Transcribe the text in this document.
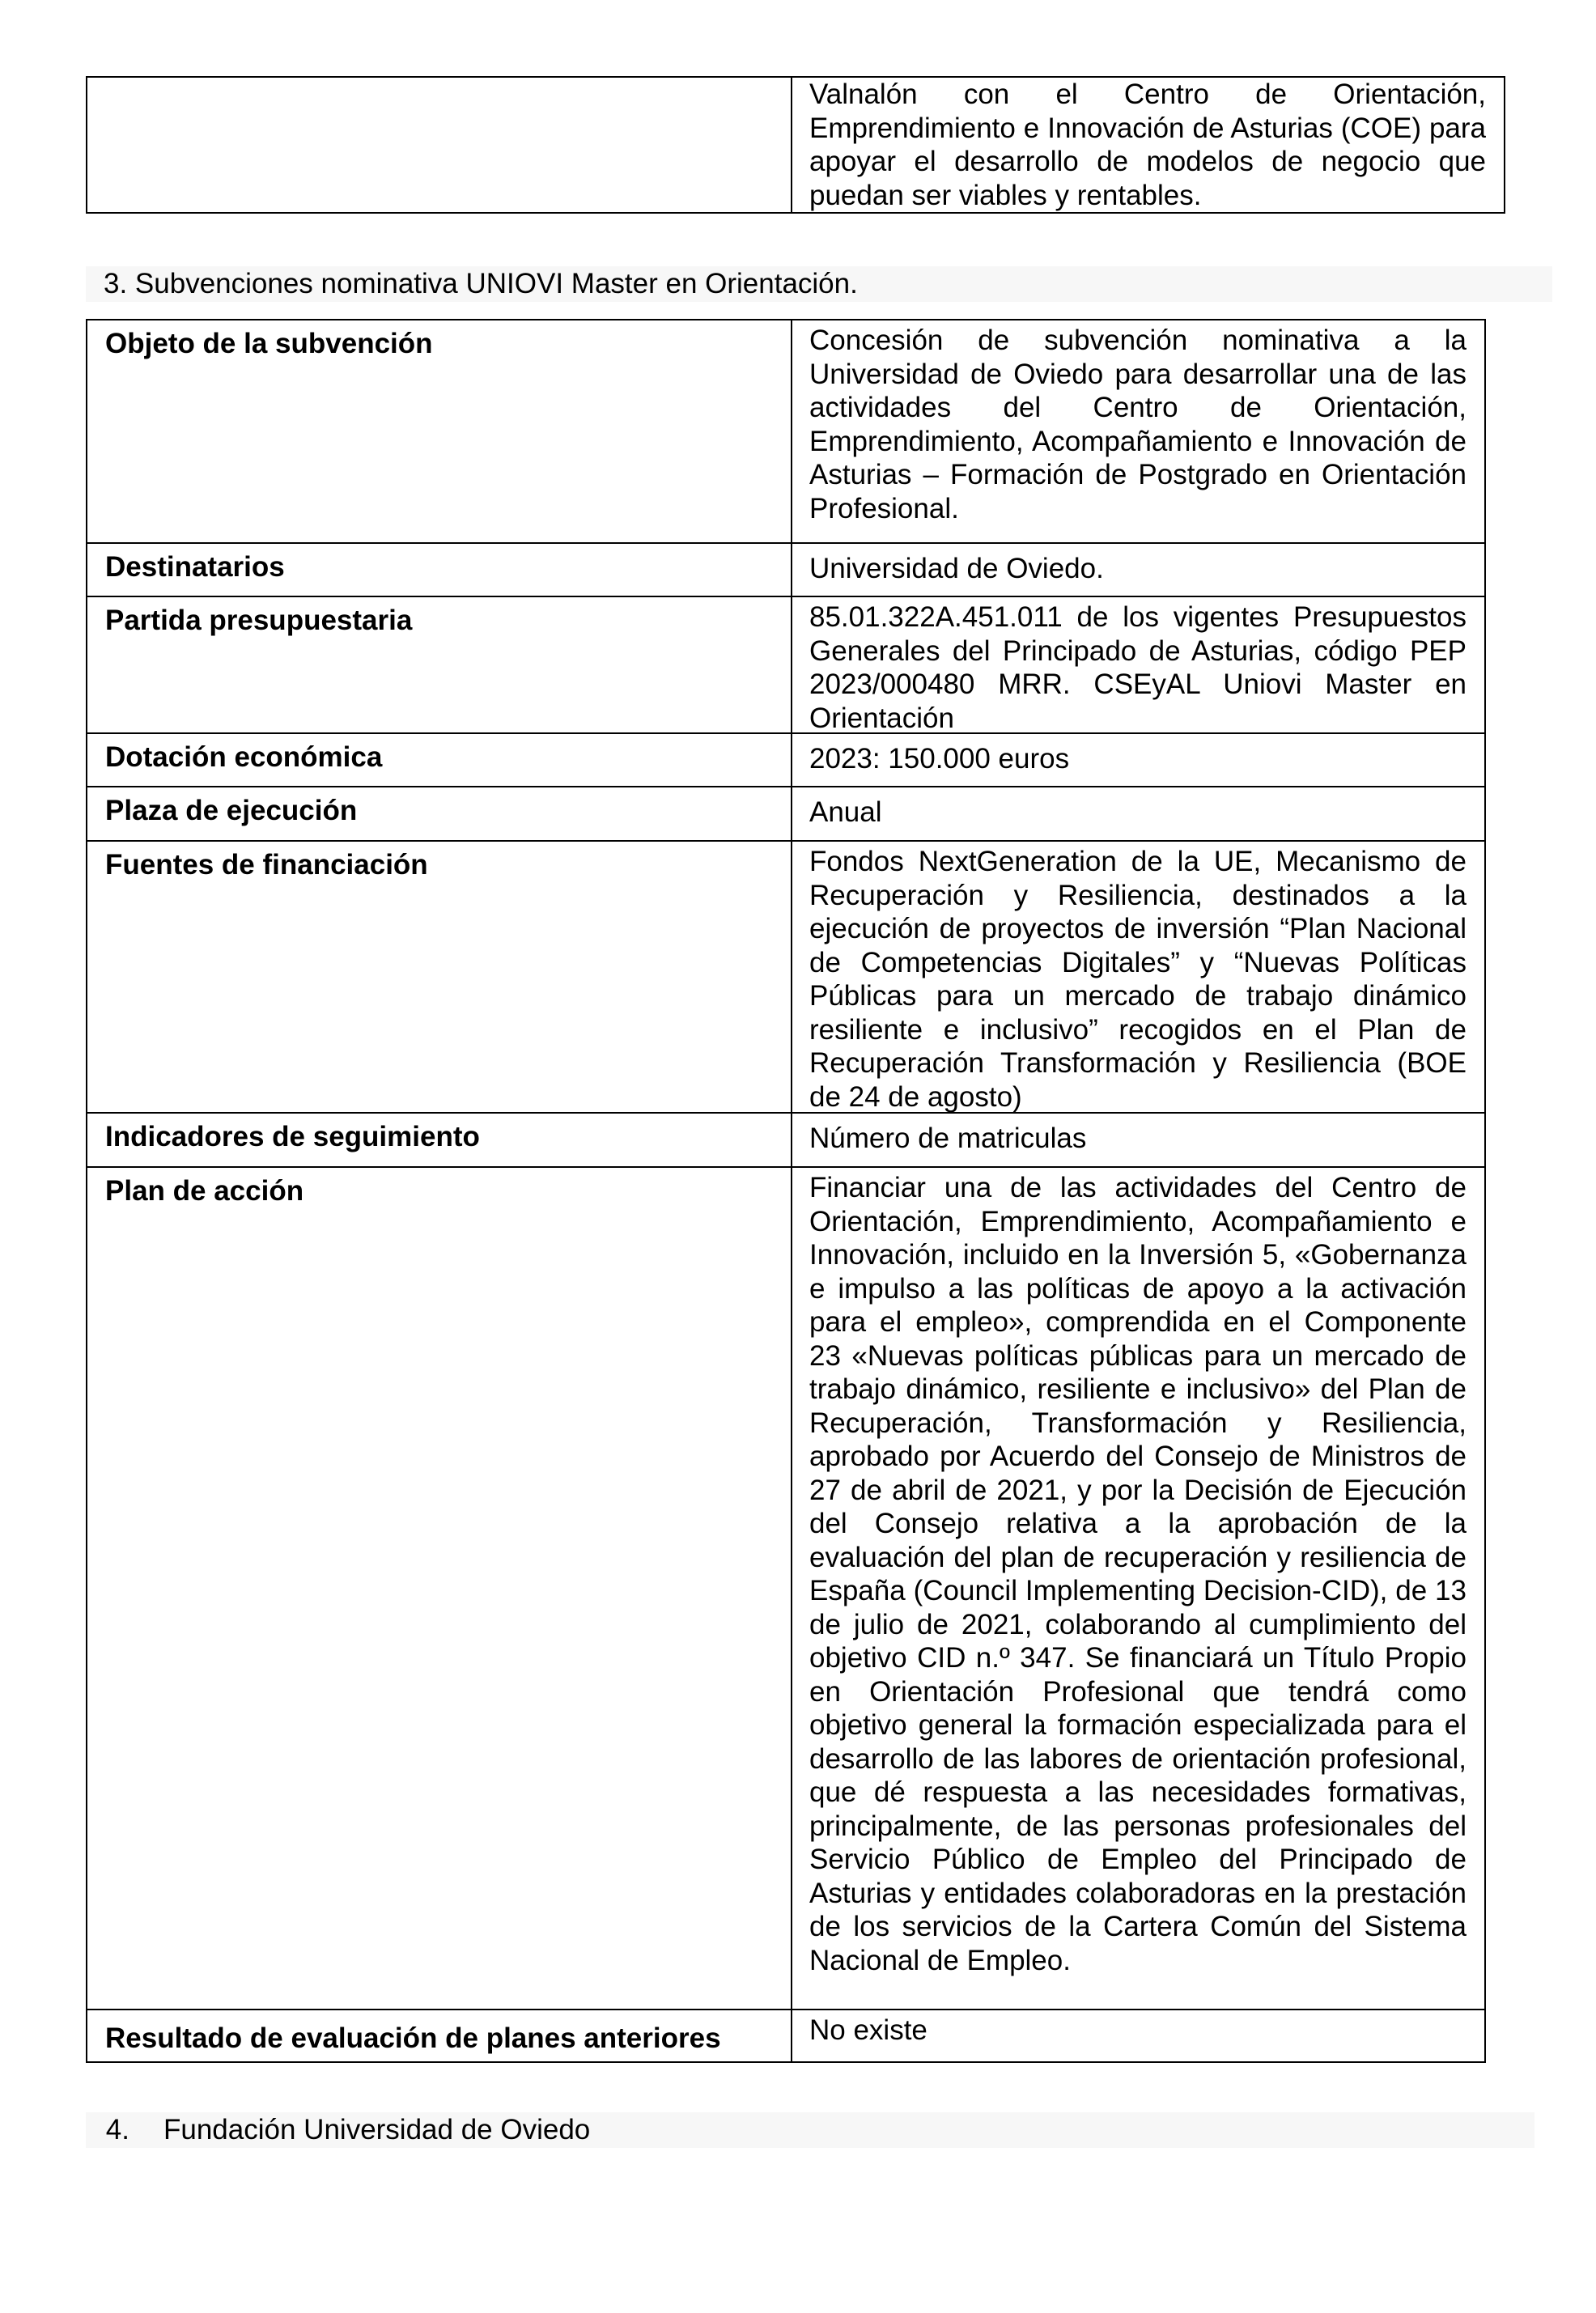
Valnalón con el Centro de Orientación, Emprendimiento e Innovación de Asturias (COE) para apoyar el desarrollo de modelos de negocio que puedan ser viables y rentables.
3. Subvenciones nominativa UNIOVI Master en Orientación.
Objeto de la subvención	Concesión de subvención nominativa a la Universidad de Oviedo para desarrollar una de las actividades del Centro de Orientación, Emprendimiento, Acompañamiento e Innovación de Asturias – Formación de Postgrado en Orientación Profesional.
Destinatarios	Universidad de Oviedo.
Partida presupuestaria	85.01.322A.451.011 de los vigentes Presupuestos Generales del Principado de Asturias, código PEP 2023/000480 MRR. CSEyAL Uniovi Master en Orientación
Dotación económica	2023: 150.000 euros
Plaza de ejecución	Anual
Fuentes de financiación	Fondos NextGeneration de la UE, Mecanismo de Recuperación y Resiliencia, destinados a la ejecución de proyectos de inversión “Plan Nacional de Competencias Digitales” y “Nuevas Políticas Públicas para un mercado de trabajo dinámico resiliente e inclusivo” recogidos en el Plan de Recuperación Transformación y Resiliencia (BOE de 24 de agosto)
Indicadores de seguimiento	Número de matriculas
Plan de acción	Financiar una de las actividades del Centro de Orientación, Emprendimiento, Acompañamiento e Innovación, incluido en la Inversión 5, «Gobernanza e impulso a las políticas de apoyo a la activación para el empleo», comprendida en el Componente 23 «Nuevas políticas públicas para un mercado de trabajo dinámico, resiliente e inclusivo» del Plan de Recuperación, Transformación y Resiliencia, aprobado por Acuerdo del Consejo de Ministros de 27 de abril de 2021, y por la Decisión de Ejecución del Consejo relativa a la aprobación de la evaluación del plan de recuperación y resiliencia de España (Council Implementing Decision-CID), de 13 de julio de 2021, colaborando al cumplimiento del objetivo CID n.º 347. Se financiará un Título Propio en Orientación Profesional que tendrá como objetivo general la formación especializada para el desarrollo de las labores de orientación profesional, que dé respuesta a las necesidades formativas, principalmente, de las personas profesionales del Servicio Público de Empleo del Principado de Asturias y entidades colaboradoras en la prestación de los servicios de la Cartera Común del Sistema Nacional de Empleo.
Resultado de evaluación de planes anteriores	No existe
4. Fundación Universidad de Oviedo
